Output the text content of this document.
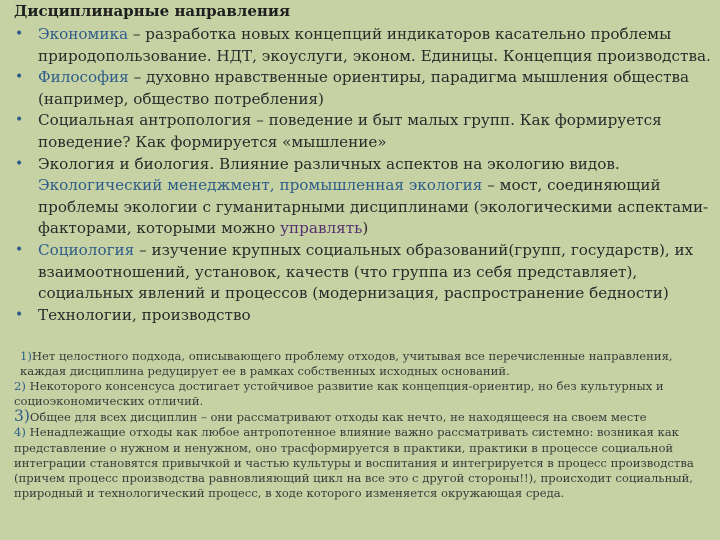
Дисциплинарные направления
• Экономика – разработка новых концепций индикаторов касательно проблемы природопользование. НДТ, экоуслуги, эконом. Единицы. Концепция производства.
• Философия – духовно нравственные ориентиры, парадигма мышления общества (например, общество потребления)
• Социальная антропология – поведение и быт малых групп. Как формируется поведение? Как формируется «мышление»
• Экология и биология. Влияние различных аспектов на экологию видов. Экологический менеджмент, промышленная экология – мост, соединяющий проблемы экологии с гуманитарными дисциплинами (экологическими аспектами- факторами, которыми можно управлять)
• Социология – изучение крупных социальных образований(групп, государств), их взаимоотношений, установок, качеств (что группа из себя представляет), социальных явлений и процессов (модернизация, распространение бедности)
• Технологии, производство

1)Нет целостного подхода, описывающего проблему отходов, учитывая все перечисленные направления, каждая дисциплина редуцирует ее в рамках собственных исходных оснований.

2) Некоторого консенсуса достигает устойчивое развитие как концепция-ориентир, но без культурных и социоэкономических отличий.

3)Общее для всех дисциплин – они рассматривают отходы как нечто, не находящееся на своем месте

4) Ненадлежащие отходы как любое антропотенное влияние важно рассматривать системно: возникая как представление о нужном и ненужном, оно трасформируется в практики, практики в процессе социальной интеграции становятся привычкой и частью культуры и воспитания и интегрируется в процесс производства (причем процесс производства равновлияющий цикл на все это с другой стороны!!), происходит социальный, природный и технологический процесс, в ходе которого изменяется окружающая среда.
